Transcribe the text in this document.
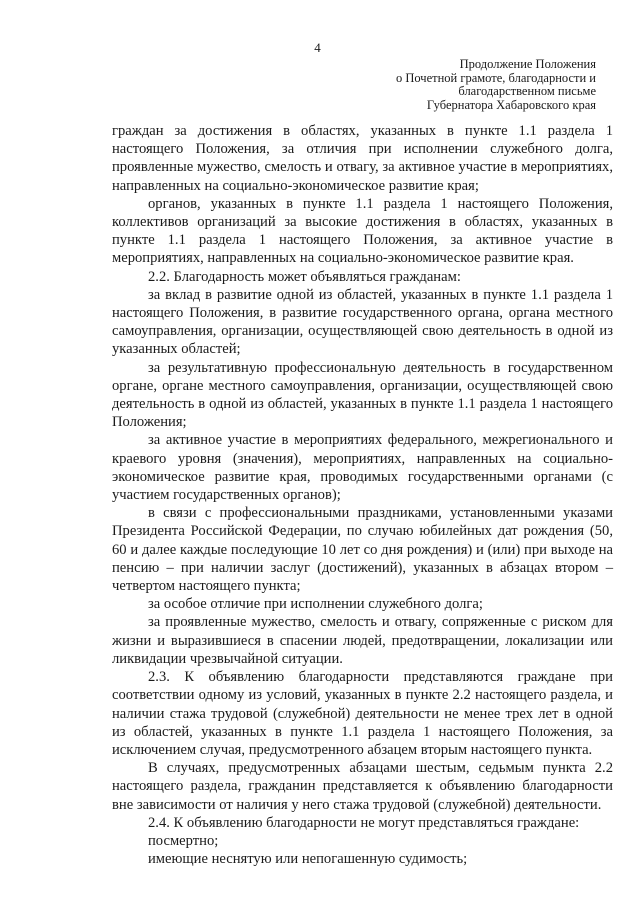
4
Продолжение Положения
о Почетной грамоте, благодарности и
благодарственном письме
Губернатора Хабаровского края

граждан за достижения в областях, указанных в пункте 1.1 раздела 1 настоящего Положения, за отличия при исполнении служебного долга, проявленные мужество, смелость и отвагу, за активное участие в мероприятиях, направленных на социально-экономическое развитие края;

органов, указанных в пункте 1.1 раздела 1 настоящего Положения, коллективов организаций за высокие достижения в областях, указанных в пункте 1.1 раздела 1 настоящего Положения, за активное участие в мероприятиях, направленных на социально-экономическое развитие края.

2.2. Благодарность может объявляться гражданам:

за вклад в развитие одной из областей, указанных в пункте 1.1 раздела 1 настоящего Положения, в развитие государственного органа, органа местного самоуправления, организации, осуществляющей свою деятельность в одной из указанных областей;

за результативную профессиональную деятельность в государственном органе, органе местного самоуправления, организации, осуществляющей свою деятельность в одной из областей, указанных в пункте 1.1 раздела 1 настоящего Положения;

за активное участие в мероприятиях федерального, межрегионального и краевого уровня (значения), мероприятиях, направленных на социально-экономическое развитие края, проводимых государственными органами (с участием государственных органов);

в связи с профессиональными праздниками, установленными указами Президента Российской Федерации, по случаю юбилейных дат рождения (50, 60 и далее каждые последующие 10 лет со дня рождения) и (или) при выходе на пенсию – при наличии заслуг (достижений), указанных в абзацах втором – четвертом настоящего пункта;

за особое отличие при исполнении служебного долга;

за проявленные мужество, смелость и отвагу, сопряженные с риском для жизни и выразившиеся в спасении людей, предотвращении, локализации или ликвидации чрезвычайной ситуации.

2.3. К объявлению благодарности представляются граждане при соответствии одному из условий, указанных в пункте 2.2 настоящего раздела, и наличии стажа трудовой (служебной) деятельности не менее трех лет в одной из областей, указанных в пункте 1.1 раздела 1 настоящего Положения, за исключением случая, предусмотренного абзацем вторым настоящего пункта.

В случаях, предусмотренных абзацами шестым, седьмым пункта 2.2 настоящего раздела, гражданин представляется к объявлению благодарности вне зависимости от наличия у него стажа трудовой (служебной) деятельности.

2.4. К объявлению благодарности не могут представляться граждане:

посмертно;

имеющие неснятую или непогашенную судимость;
